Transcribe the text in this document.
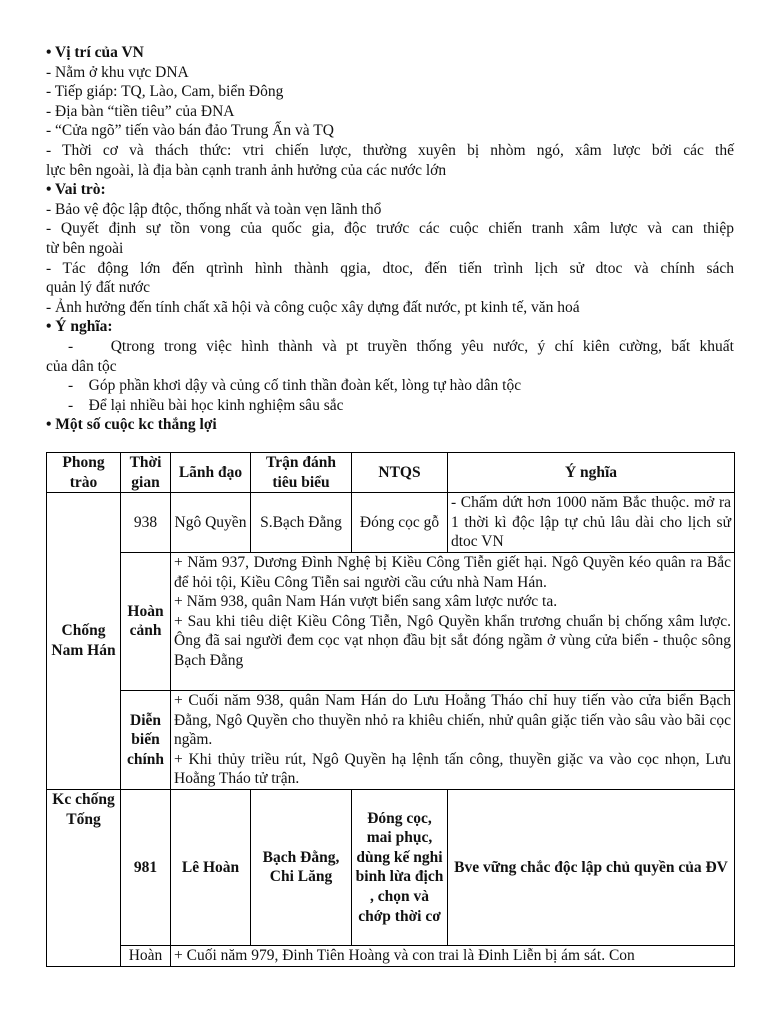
• Vị trí của VN

- Nằm ở khu vực DNA

- Tiếp giáp: TQ, Lào, Cam, biển Đông

- Địa bàn “tiền tiêu” của ĐNA

- “Cửa ngõ” tiến vào bán đảo Trung Ấn và TQ

- Thời cơ và thách thức: vtri chiến lược, thường xuyên bị nhòm ngó, xâm lược bởi các thế

lực bên ngoài, là địa bàn cạnh tranh ảnh hưởng của các nước lớn

• Vai trò:

- Bảo vệ độc lập đtộc, thống nhất và toàn vẹn lãnh thổ

- Quyết định sự tồn vong của quốc gia, độc trước các cuộc chiến tranh xâm lược và can thiệp

từ bên ngoài

- Tác động lớn đến qtrình hình thành qgia, dtoc, đến tiến trình lịch sử dtoc và chính sách

quản lý đất nước

- Ảnh hưởng đến tính chất xã hội và công cuộc xây dựng đất nước, pt kinh tế, văn hoá

• Ý nghĩa:

-    Qtrong trong việc hình thành và pt truyền thống yêu nước, ý chí kiên cường, bất khuất

của dân tộc

-    Góp phần khơi dậy và củng cố tinh thần đoàn kết, lòng tự hào dân tộc

-    Để lại nhiều bài học kinh nghiệm sâu sắc

• Một số cuộc kc thắng lợi

Phong trào	Thời gian	Lãnh đạo	Trận đánh tiêu biểu	NTQS	Ý nghĩa
Chống Nam Hán	938	Ngô Quyền	S.Bạch Đằng	Đóng cọc gỗ	- Chấm dứt hơn 1000 năm Bắc thuộc. mở ra 1 thời kì độc lập tự chủ lâu dài cho lịch sử dtoc VN
	Hoàn cảnh	+ Năm 937, Dương Đình Nghệ bị Kiều Công Tiễn giết hại. Ngô Quyền kéo quân ra Bắc để hỏi tội, Kiều Công Tiễn sai người cầu cứu nhà Nam Hán.
+ Năm 938, quân Nam Hán vượt biển sang xâm lược nước ta.
+ Sau khi tiêu diệt Kiều Công Tiễn, Ngô Quyền khẩn trương chuẩn bị chống xâm lược. Ông đã sai người đem cọc vạt nhọn đầu bịt sắt đóng ngầm ở vùng cửa biển - thuộc sông Bạch Đằng			

	Diễn biến chính	+ Cuối năm 938, quân Nam Hán do Lưu Hoằng Tháo chỉ huy tiến vào cửa biển Bạch Đằng, Ngô Quyền cho thuyền nhỏ ra khiêu chiến, nhử quân giặc tiến vào sâu vào bãi cọc ngầm.
+ Khi thủy triều rút, Ngô Quyền hạ lệnh tấn công, thuyền giặc va vào cọc nhọn, Lưu Hoằng Tháo tử trận.			

Kc chống Tống	981	Lê Hoàn	Bạch Đằng, Chi Lăng	Đóng cọc, mai phục, dùng kế nghi binh lừa địch , chọn và chớp thời cơ	Bve vững chắc độc lập chủ quyền của ĐV
	Hoàn	+ Cuối năm 979, Đinh Tiên Hoàng và con trai là Đinh Liễn bị ám sát. Con			
